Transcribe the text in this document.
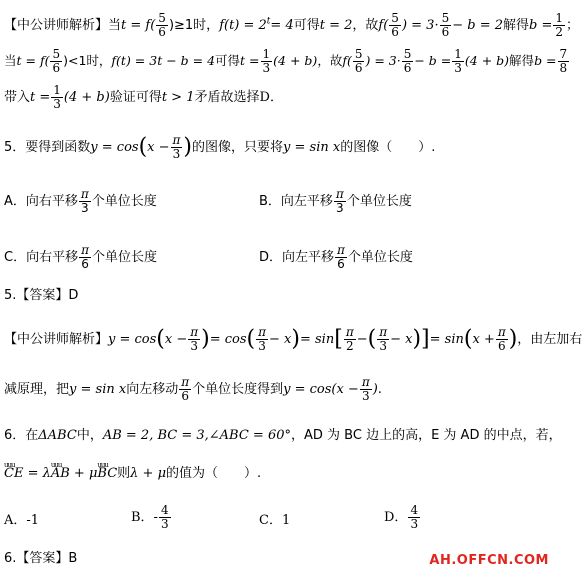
【中公讲师解析】当$t = f( \frac{5}{6} )\ge 1$时，$f(t) = 2^t= 4$可得t = 2，故$f( \frac{5}{6}$ ) = $3\cdot \frac{5}{6} - b = 2$解得$b = \frac{1}{2}$ ；
当$t = f( \frac{5}{6} )<1$时，f(t) = 3t − b = 4可得$t = \frac{1}{3} (4 + b)$，故$f( \frac{5}{6}$ ) = $3\cdot \frac{5}{6} - b = \frac{1}{3} (4 + b)$解得$b = \frac{7}{8}$
带入$t = \frac{1}{3} (4 + b)$验证可得t > 1矛盾故选择D．
5．要得到函数$y = \cos(x - \frac{\pi}{3}$ )的图像，只要将y = sin x的图像（　　）.
A．向右平移 $\frac{\pi}{3}$ 个单位长度	B．向左平移 $\frac{\pi}{3}$ 个单位长度
C．向右平移 $\frac{\pi}{6}$ 个单位长度	D．向左平移 $\frac{\pi}{6}$ 个单位长度
5.【答案】D
【中公讲师解析】$y = \cos(x - \frac{\pi}{3}$ )= $\cos( \frac{\pi}{3} - x)= \sin[ \frac{\pi}{2}$ −( $\frac{\pi}{3} - x)]= \sin(x + \frac{\pi}{6}$ )，由左加右
减原理，把y = sin x向左移动 $\frac{\pi}{6}$ 个单位长度得到$y = \cos(x - \frac{\pi}{3}$ ).
6．在ΔABC中，AB = 2, BC = 3,∠ABC = 60°，AD 为 BC 边上的高，E 为 AD 的中点，若，
uuu CE = λuuu AB + μuuu BC则λ + μ的值为（　　）.
A．-1	B．- $\frac{4}{3}$	C．1	D． $\frac{4}{3}$
6.【答案】B	AH.OFFCN.COM
